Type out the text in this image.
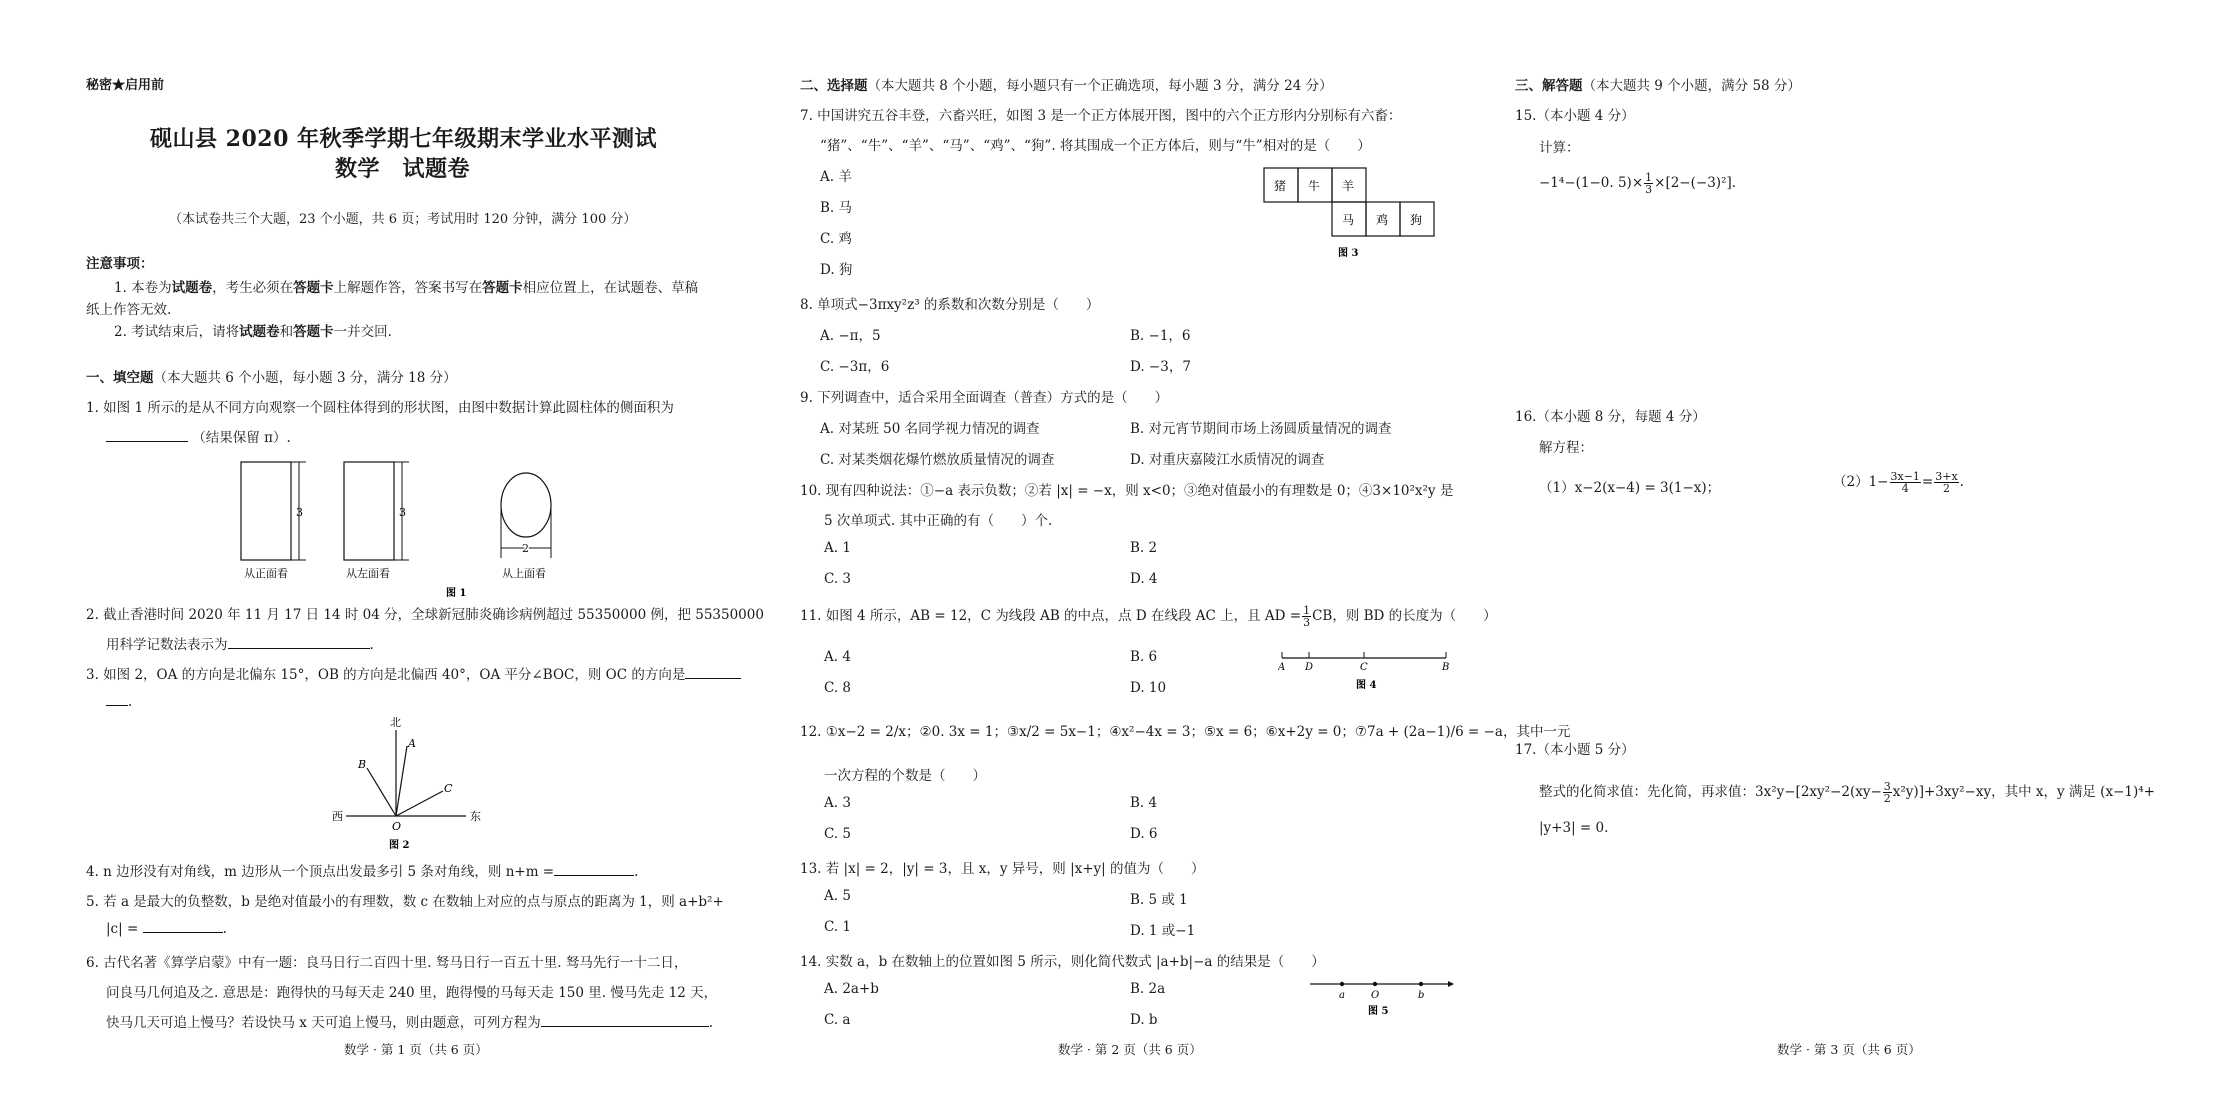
秘密★启用前
砚山县 2020 年秋季学期七年级期末学业水平测试
数学　试题卷
（本试卷共三个大题，23 个小题，共 6 页；考试用时 120 分钟，满分 100 分）
注意事项：
1. 本卷为试题卷，考生必须在答题卡上解题作答，答案书写在答题卡相应位置上，在试题卷、草稿
纸上作答无效.
2. 考试结束后，请将试题卷和答题卡一并交回.
一、填空题（本大题共 6 个小题，每小题 3 分，满分 18 分）
1. 如图 1 所示的是从不同方向观察一个圆柱体得到的形状图，由图中数据计算此圆柱体的侧面积为
（结果保留 π）.
3
从正面看
3
从左面看
2
从上面看
图 1
2. 截止香港时间 2020 年 11 月 17 日 14 时 04 分，全球新冠肺炎确诊病例超过 55350000 例，把 55350000
用科学记数法表示为	.
3. 如图 2，OA 的方向是北偏东 15°，OB 的方向是北偏西 40°，OA 平分∠BOC，则 OC 的方向是
.
北
A
B
C
西	东
O
图 2
4. n 边形没有对角线，m 边形从一个顶点出发最多引 5 条对角线，则 n+m =	.
5. 若 a 是最大的负整数，b 是绝对值最小的有理数，数 c 在数轴上对应的点与原点的距离为 1，则 a+b²+
|c| =	.
6. 古代名著《算学启蒙》中有一题：良马日行二百四十里. 驽马日行一百五十里. 驽马先行一十二日，
问良马几何追及之. 意思是：跑得快的马每天走 240 里，跑得慢的马每天走 150 里. 慢马先走 12 天，
快马几天可追上慢马？若设快马 x 天可追上慢马，则由题意，可列方程为	.
数学 · 第 1 页（共 6 页）
二、选择题（本大题共 8 个小题，每小题只有一个正确选项，每小题 3 分，满分 24 分）
7. 中国讲究五谷丰登，六畜兴旺，如图 3 是一个正方体展开图，图中的六个正方形内分别标有六畜：
“猪”、“牛”、“羊”、“马”、“鸡”、“狗”. 将其围成一个正方体后，则与“牛”相对的是（　　）
A. 羊
B. 马
C. 鸡
D. 狗
猪 牛 羊
马 鸡 狗
图 3
8. 单项式−3πxy²z³ 的系数和次数分别是（　　）
A. −π，5	B. −1，6
C. −3π，6	D. −3，7
9. 下列调查中，适合采用全面调查（普查）方式的是（　　）
A. 对某班 50 名同学视力情况的调查	B. 对元宵节期间市场上汤圆质量情况的调查
C. 对某类烟花爆竹燃放质量情况的调查	D. 对重庆嘉陵江水质情况的调查
10. 现有四种说法：①−a 表示负数；②若 |x| = −x，则 x<0；③绝对值最小的有理数是 0；④3×10²x²y 是
5 次单项式. 其中正确的有（　　）个.
A. 1	B. 2
C. 3	D. 4
11. 如图 4 所示，AB = 12，C 为线段 AB 的中点，点 D 在线段 AC 上，且 AD = $\frac{1}{3}$ CB，则 BD 的长度为（　　）
A. 4	B. 6
C. 8	D. 10
A D	C	B
图 4
12. ①x−2 = 2/x；②0. 3x = 1；③x/2 = 5x−1；④x²−4x = 3；⑤x = 6；⑥x+2y = 0；⑦7a + (2a−1)/6 = −a，其中一元
一次方程的个数是（　　）
A. 3	B. 4
C. 5	D. 6
13. 若 |x| = 2，|y| = 3，且 x，y 异号，则 |x+y| 的值为（　　）
A. 5	B. 5 或 1
C. 1	D. 1 或−1
14. 实数 a，b 在数轴上的位置如图 5 所示，则化简代数式 |a+b|−a 的结果是（　　）
A. 2a+b	B. 2a
C. a	D. b
a	O	b
图 5
数学 · 第 2 页（共 6 页）
三、解答题（本大题共 9 个小题，满分 58 分）
15.（本小题 4 分）
计算：
−1⁴−(1−0. $5)\times \frac{1}{3} \times[2-(-3)^2]$.
16.（本小题 8 分，每题 4 分）
解方程：
（1）x−2(x−4) = 3(1−x)；	$(2)1- \frac{3x-1}{4} = \frac{3+x}{2}$ .
17.（本小题 5 分）
整式的化简求值：先化简，再求值：$3x^2y-[2xy^2-2(xy- \frac{3}{2} x^2y)]+3xy^2-xy$，其中 x，y 满足 (x−1)⁴+
|y+3| = 0.
数学 · 第 3 页（共 6 页）
